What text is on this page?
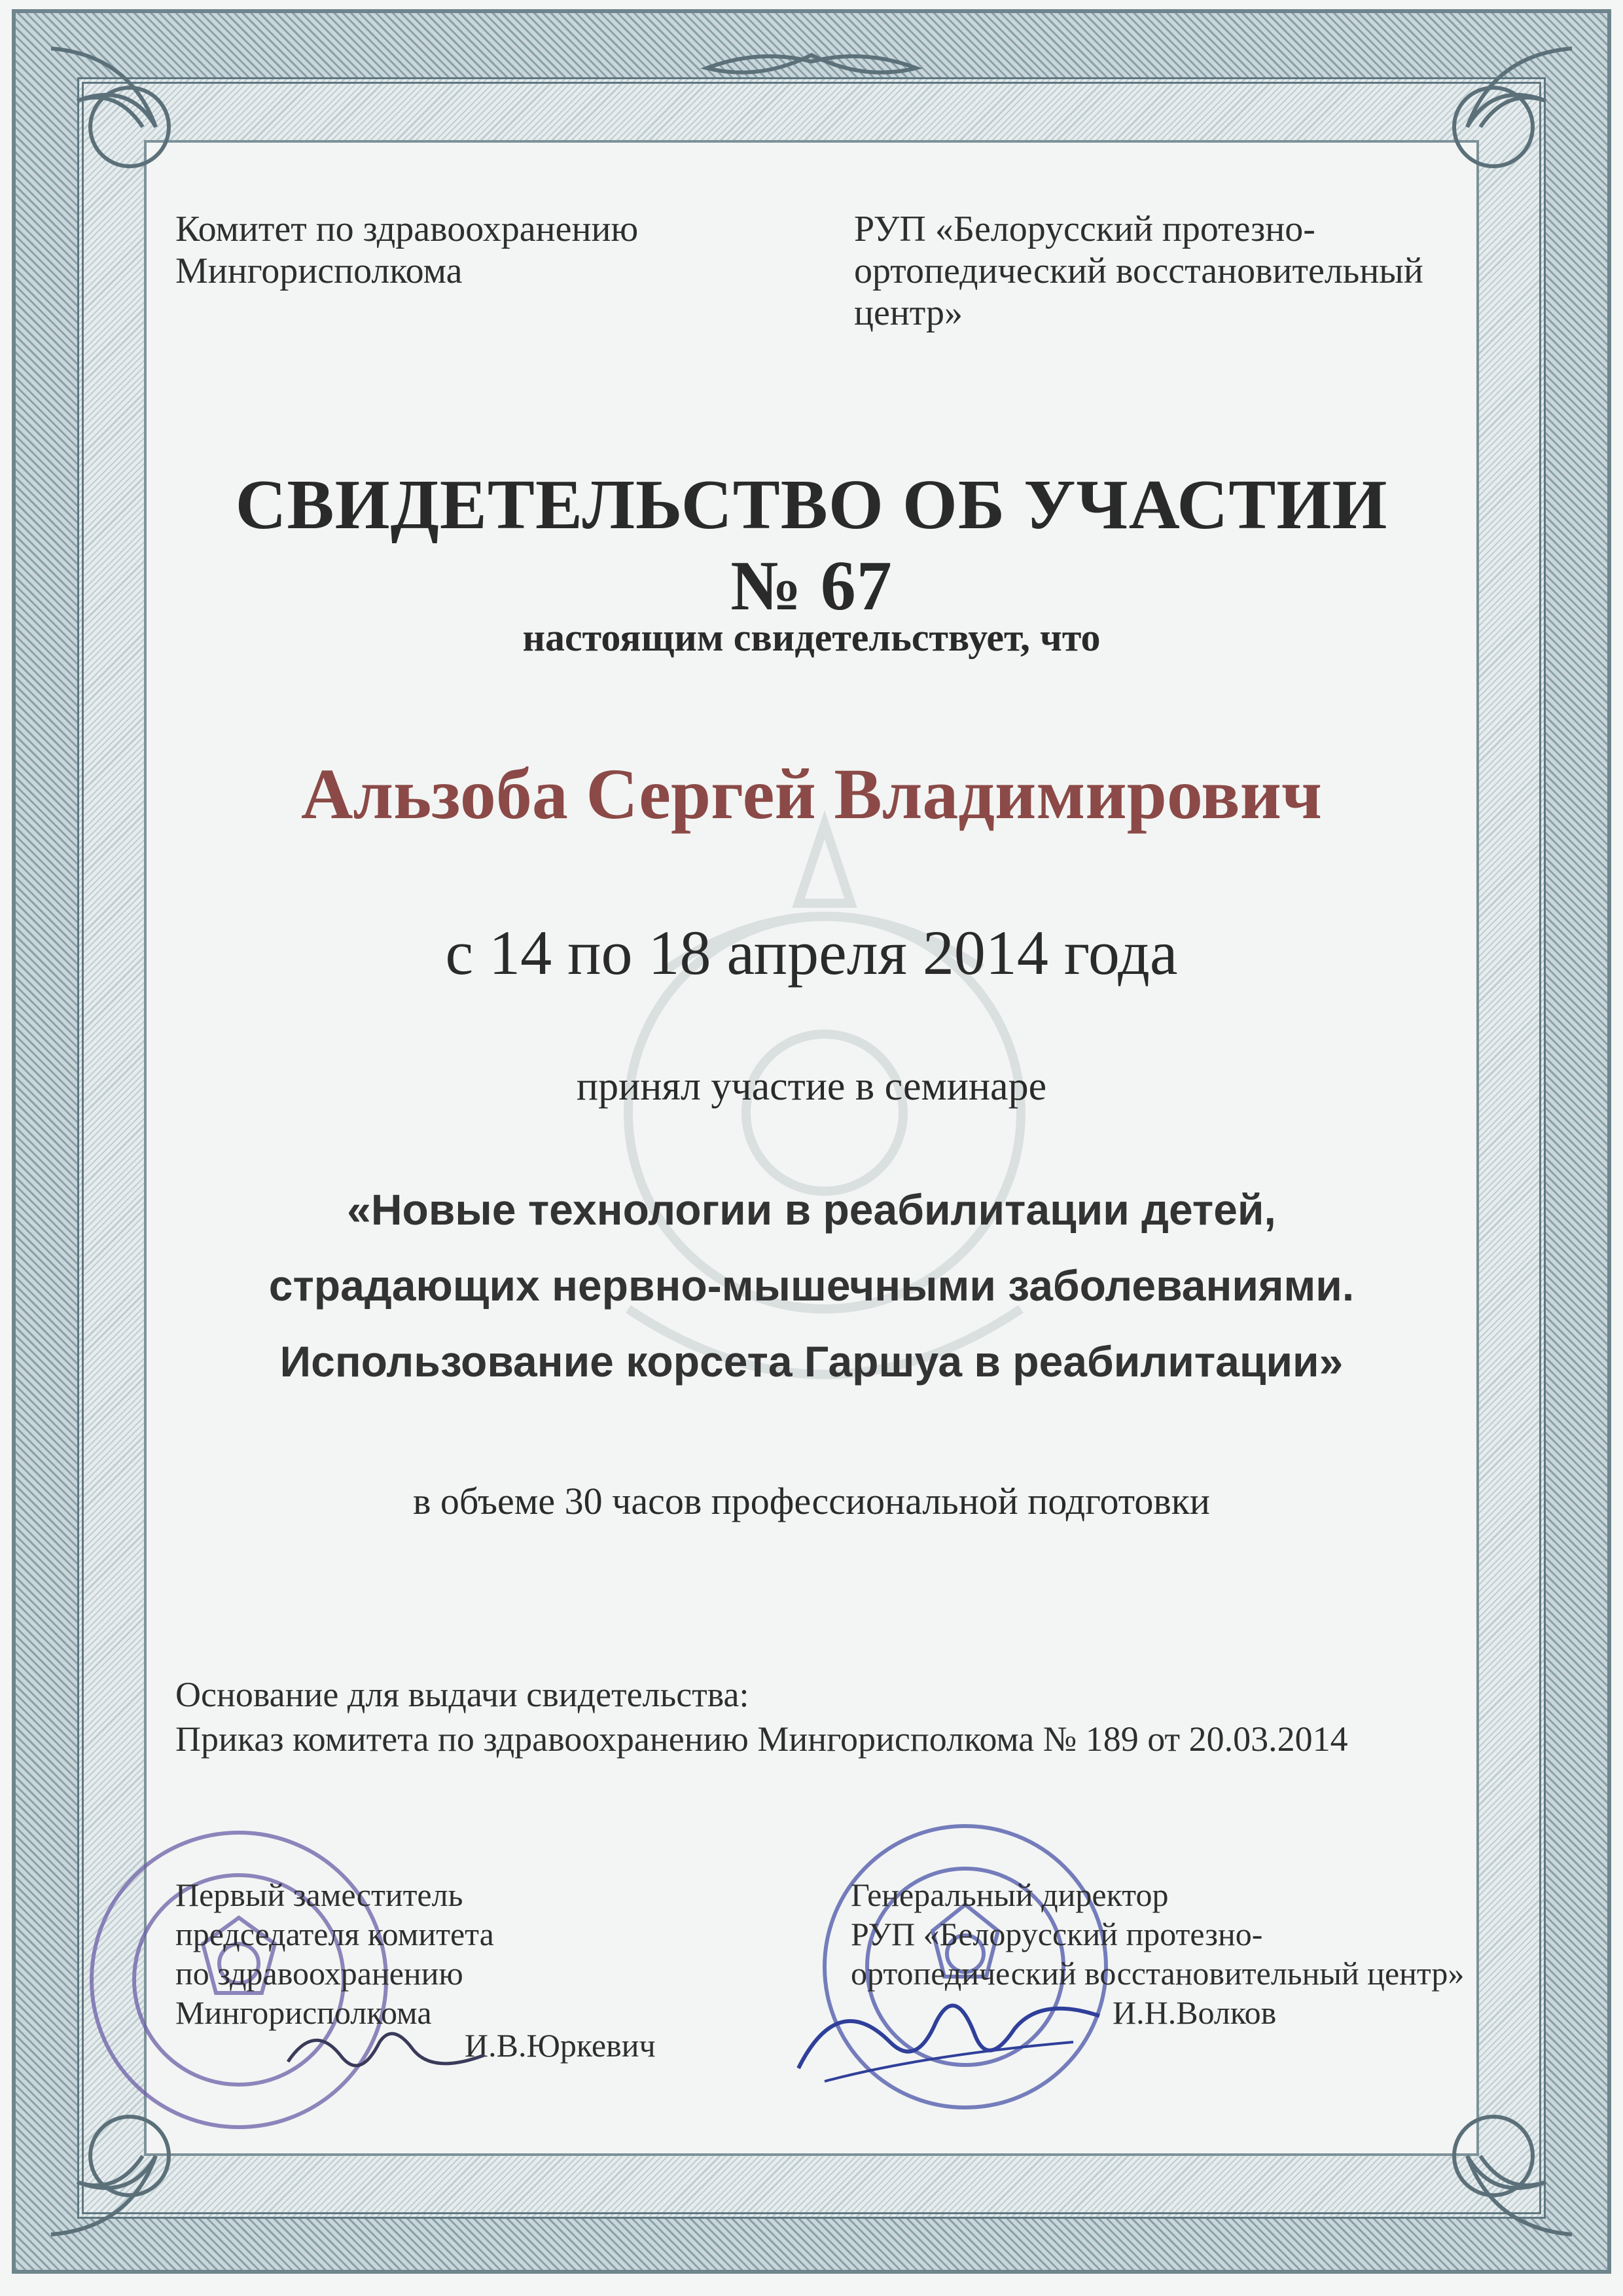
Комитет по здравоохранению
Мингорисполкома
РУП «Белорусский протезно-
ортопедический восстановительный
центр»
СВИДЕТЕЛЬСТВО ОБ УЧАСТИИ № 67
настоящим свидетельствует, что
Альзоба Сергей Владимирович
с 14 по 18 апреля 2014 года
принял участие в семинаре
«Новые технологии в реабилитации детей,
страдающих нервно-мышечными заболеваниями.
Использование корсета Гаршуа в реабилитации»
в объеме 30 часов профессиональной подготовки
Основание для выдачи свидетельства:
Приказ комитета по здравоохранению Мингорисполкома № 189 от 20.03.2014
Первый заместитель
председателя комитета
по здравоохранению
Мингорисполкома
И.В.Юркевич
Генеральный директор
РУП «Белорусский протезно-
ортопедический восстановительный центр»
И.Н.Волков
